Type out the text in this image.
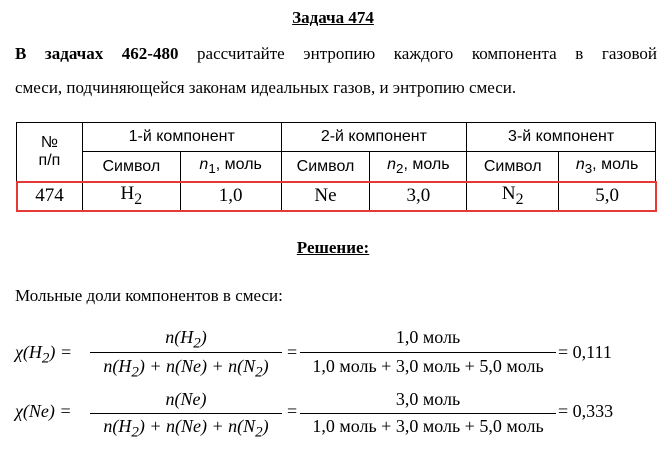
Задача 474
В задачах 462-480 рассчитайте энтропию каждого компонента в газовой
смеси, подчиняющейся законам идеальных газов, и энтропию смеси.
№
п/п	1-й компонент		2-й компонент		3-й компонент	
	Символ	$n_1$, моль	Символ	$n_2$, моль	Символ	$n_3$, моль
474	$H_2$	1,0	Ne	3,0	$N_2$	5,0
Решение:
Мольные доли компонентов в смеси:
$\chi(H_2)$ =
$n(H_2)$
$n(H_2) + n(Ne) + n(N_2)$
=
1,0 моль
1,0 моль + 3,0 моль + 5,0 моль
= 0,111
χ(Ne) =
n(Ne)
$n(H_2) + n(Ne) + n(N_2)$
=
3,0 моль
1,0 моль + 3,0 моль + 5,0 моль
= 0,333
